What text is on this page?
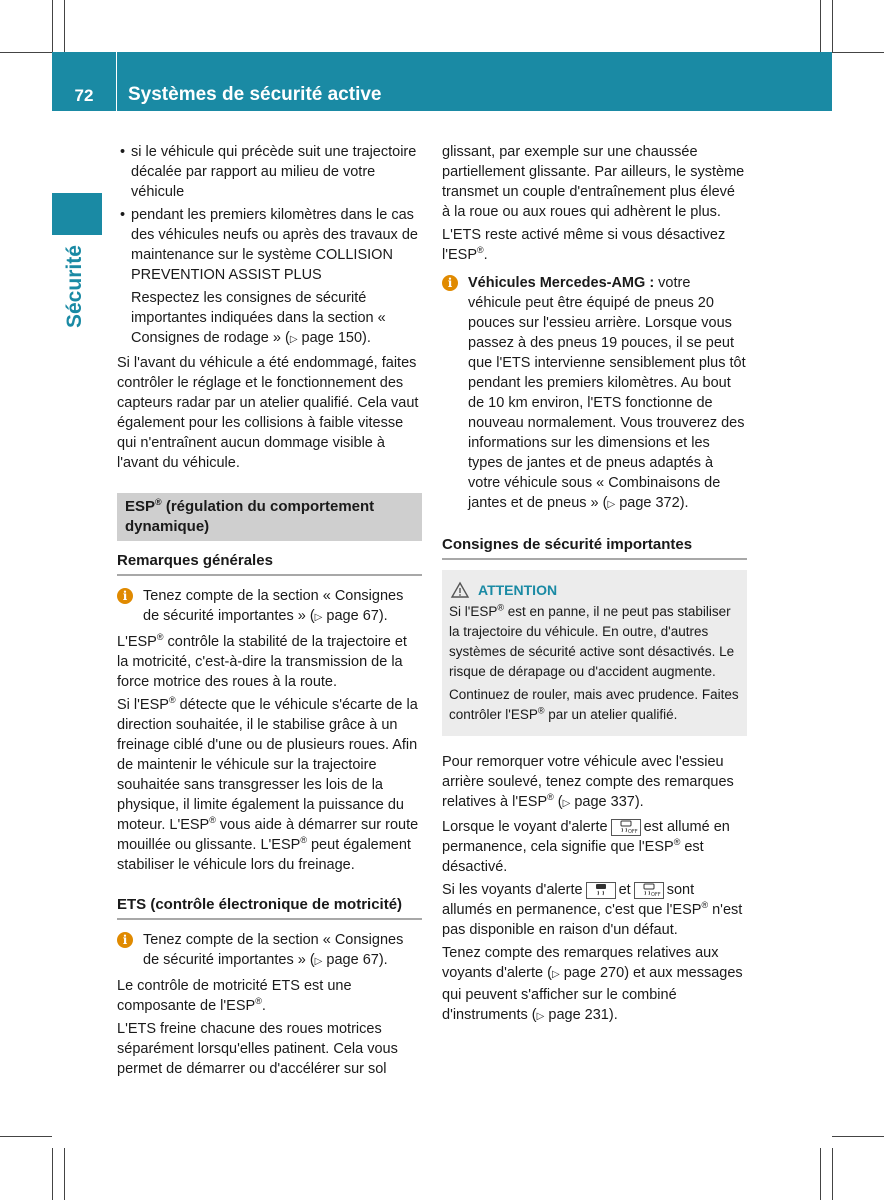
72	Systèmes de sécurité active
Sécurité
• si le véhicule qui précède suit une trajectoire décalée par rapport au milieu de votre véhicule
• pendant les premiers kilomètres dans le cas des véhicules neufs ou après des travaux de maintenance sur le système COLLISION PREVENTION ASSIST PLUS

Respectez les consignes de sécurité importantes indiquées dans la section « Consignes de rodage » (▷ page 150).

Si l'avant du véhicule a été endommagé, faites contrôler le réglage et le fonctionnement des capteurs radar par un atelier qualifié. Cela vaut également pour les collisions à faible vitesse qui n'entraînent aucun dommage visible à l'avant du véhicule.

ESP® (régulation du comportement dynamique)
Remarques générales
i	Tenez compte de la section « Consignes de sécurité importantes » (▷ page 67).

L'ESP® contrôle la stabilité de la trajectoire et la motricité, c'est-à-dire la transmission de la force motrice des roues à la route.

Si l'ESP® détecte que le véhicule s'écarte de la direction souhaitée, il le stabilise grâce à un freinage ciblé d'une ou de plusieurs roues. Afin de maintenir le véhicule sur la trajectoire souhaitée sans transgresser les lois de la physique, il limite également la puissance du moteur. L'ESP® vous aide à démarrer sur route mouillée ou glissante. L'ESP® peut également stabiliser le véhicule lors du freinage.

ETS (contrôle électronique de motricité)
i	Tenez compte de la section « Consignes de sécurité importantes » (▷ page 67).

Le contrôle de motricité ETS est une composante de l'ESP®.

L'ETS freine chacune des roues motrices séparément lorsqu'elles patinent. Cela vous permet de démarrer ou d'accélérer sur sol

glissant, par exemple sur une chaussée partiellement glissante. Par ailleurs, le système transmet un couple d'entraînement plus élevé à la roue ou aux roues qui adhèrent le plus.

L'ETS reste activé même si vous désactivez l'ESP®.

i	Véhicules Mercedes-AMG : votre véhicule peut être équipé de pneus 20 pouces sur l'essieu arrière. Lorsque vous passez à des pneus 19 pouces, il se peut que l'ETS intervienne sensiblement plus tôt pendant les premiers kilomètres. Au bout de 10 km environ, l'ETS fonctionne de nouveau normalement. Vous trouverez des informations sur les dimensions et les types de jantes et de pneus adaptés à votre véhicule sous « Combinaisons de jantes et de pneus » (▷ page 372).
Consignes de sécurité importantes
ATTENTION

Si l'ESP® est en panne, il ne peut pas stabiliser la trajectoire du véhicule. En outre, d'autres systèmes de sécurité active sont désactivés. Le risque de dérapage ou d'accident augmente.

Continuez de rouler, mais avec prudence. Faites contrôler l'ESP® par un atelier qualifié.

Pour remorquer votre véhicule avec l'essieu arrière soulevé, tenez compte des remarques relatives à l'ESP® (▷ page 337).

Lorsque le voyant d'alerte	OFF est allumé en permanence, cela signifie que l'ESP® est désactivé.

Si les voyants d'alerte et	OFF sont allumés en permanence, c'est que l'ESP® n'est pas disponible en raison d'un défaut.

Tenez compte des remarques relatives aux voyants d'alerte (▷ page 270) et aux messages qui peuvent s'afficher sur le combiné d'instruments (▷ page 231).
